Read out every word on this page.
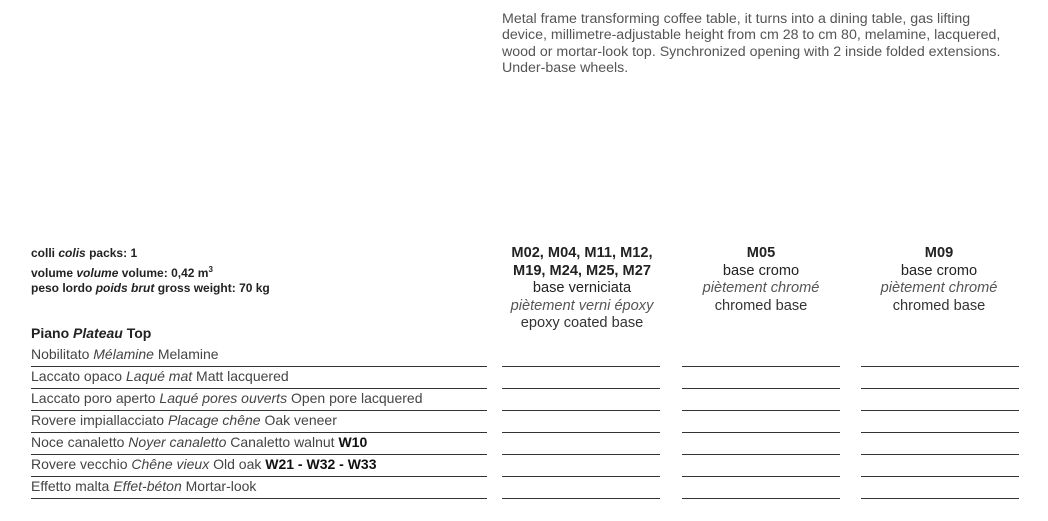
Metal frame transforming coffee table, it turns into a dining table, gas lifting device, millimetre-adjustable height from cm 28 to cm 80, melamine, lacquered, wood or mortar-look top. Synchronized opening with 2 inside folded extensions. Under-base wheels.
colli colis packs: 1
volume volume volume: 0,42 $m^3$
peso lordo poids brut gross weight: 70 kg
M02, M04, M11, M12, M19, M24, M25, M27
base verniciata
piètement verni époxy
epoxy coated base
M05
base cromo
piètement chromé
chromed base
M09
base cromo
piètement chromé
chromed base
Piano Plateau Top
Nobilitato Mélamine Melamine
Laccato opaco Laqué mat Matt lacquered
Laccato poro aperto Laqué pores ouverts Open pore lacquered
Rovere impiallacciato Placage chêne Oak veneer
Noce canaletto Noyer canaletto Canaletto walnut W10
Rovere vecchio Chêne vieux Old oak W21 - W32 - W33
Effetto malta Effet-béton Mortar-look
